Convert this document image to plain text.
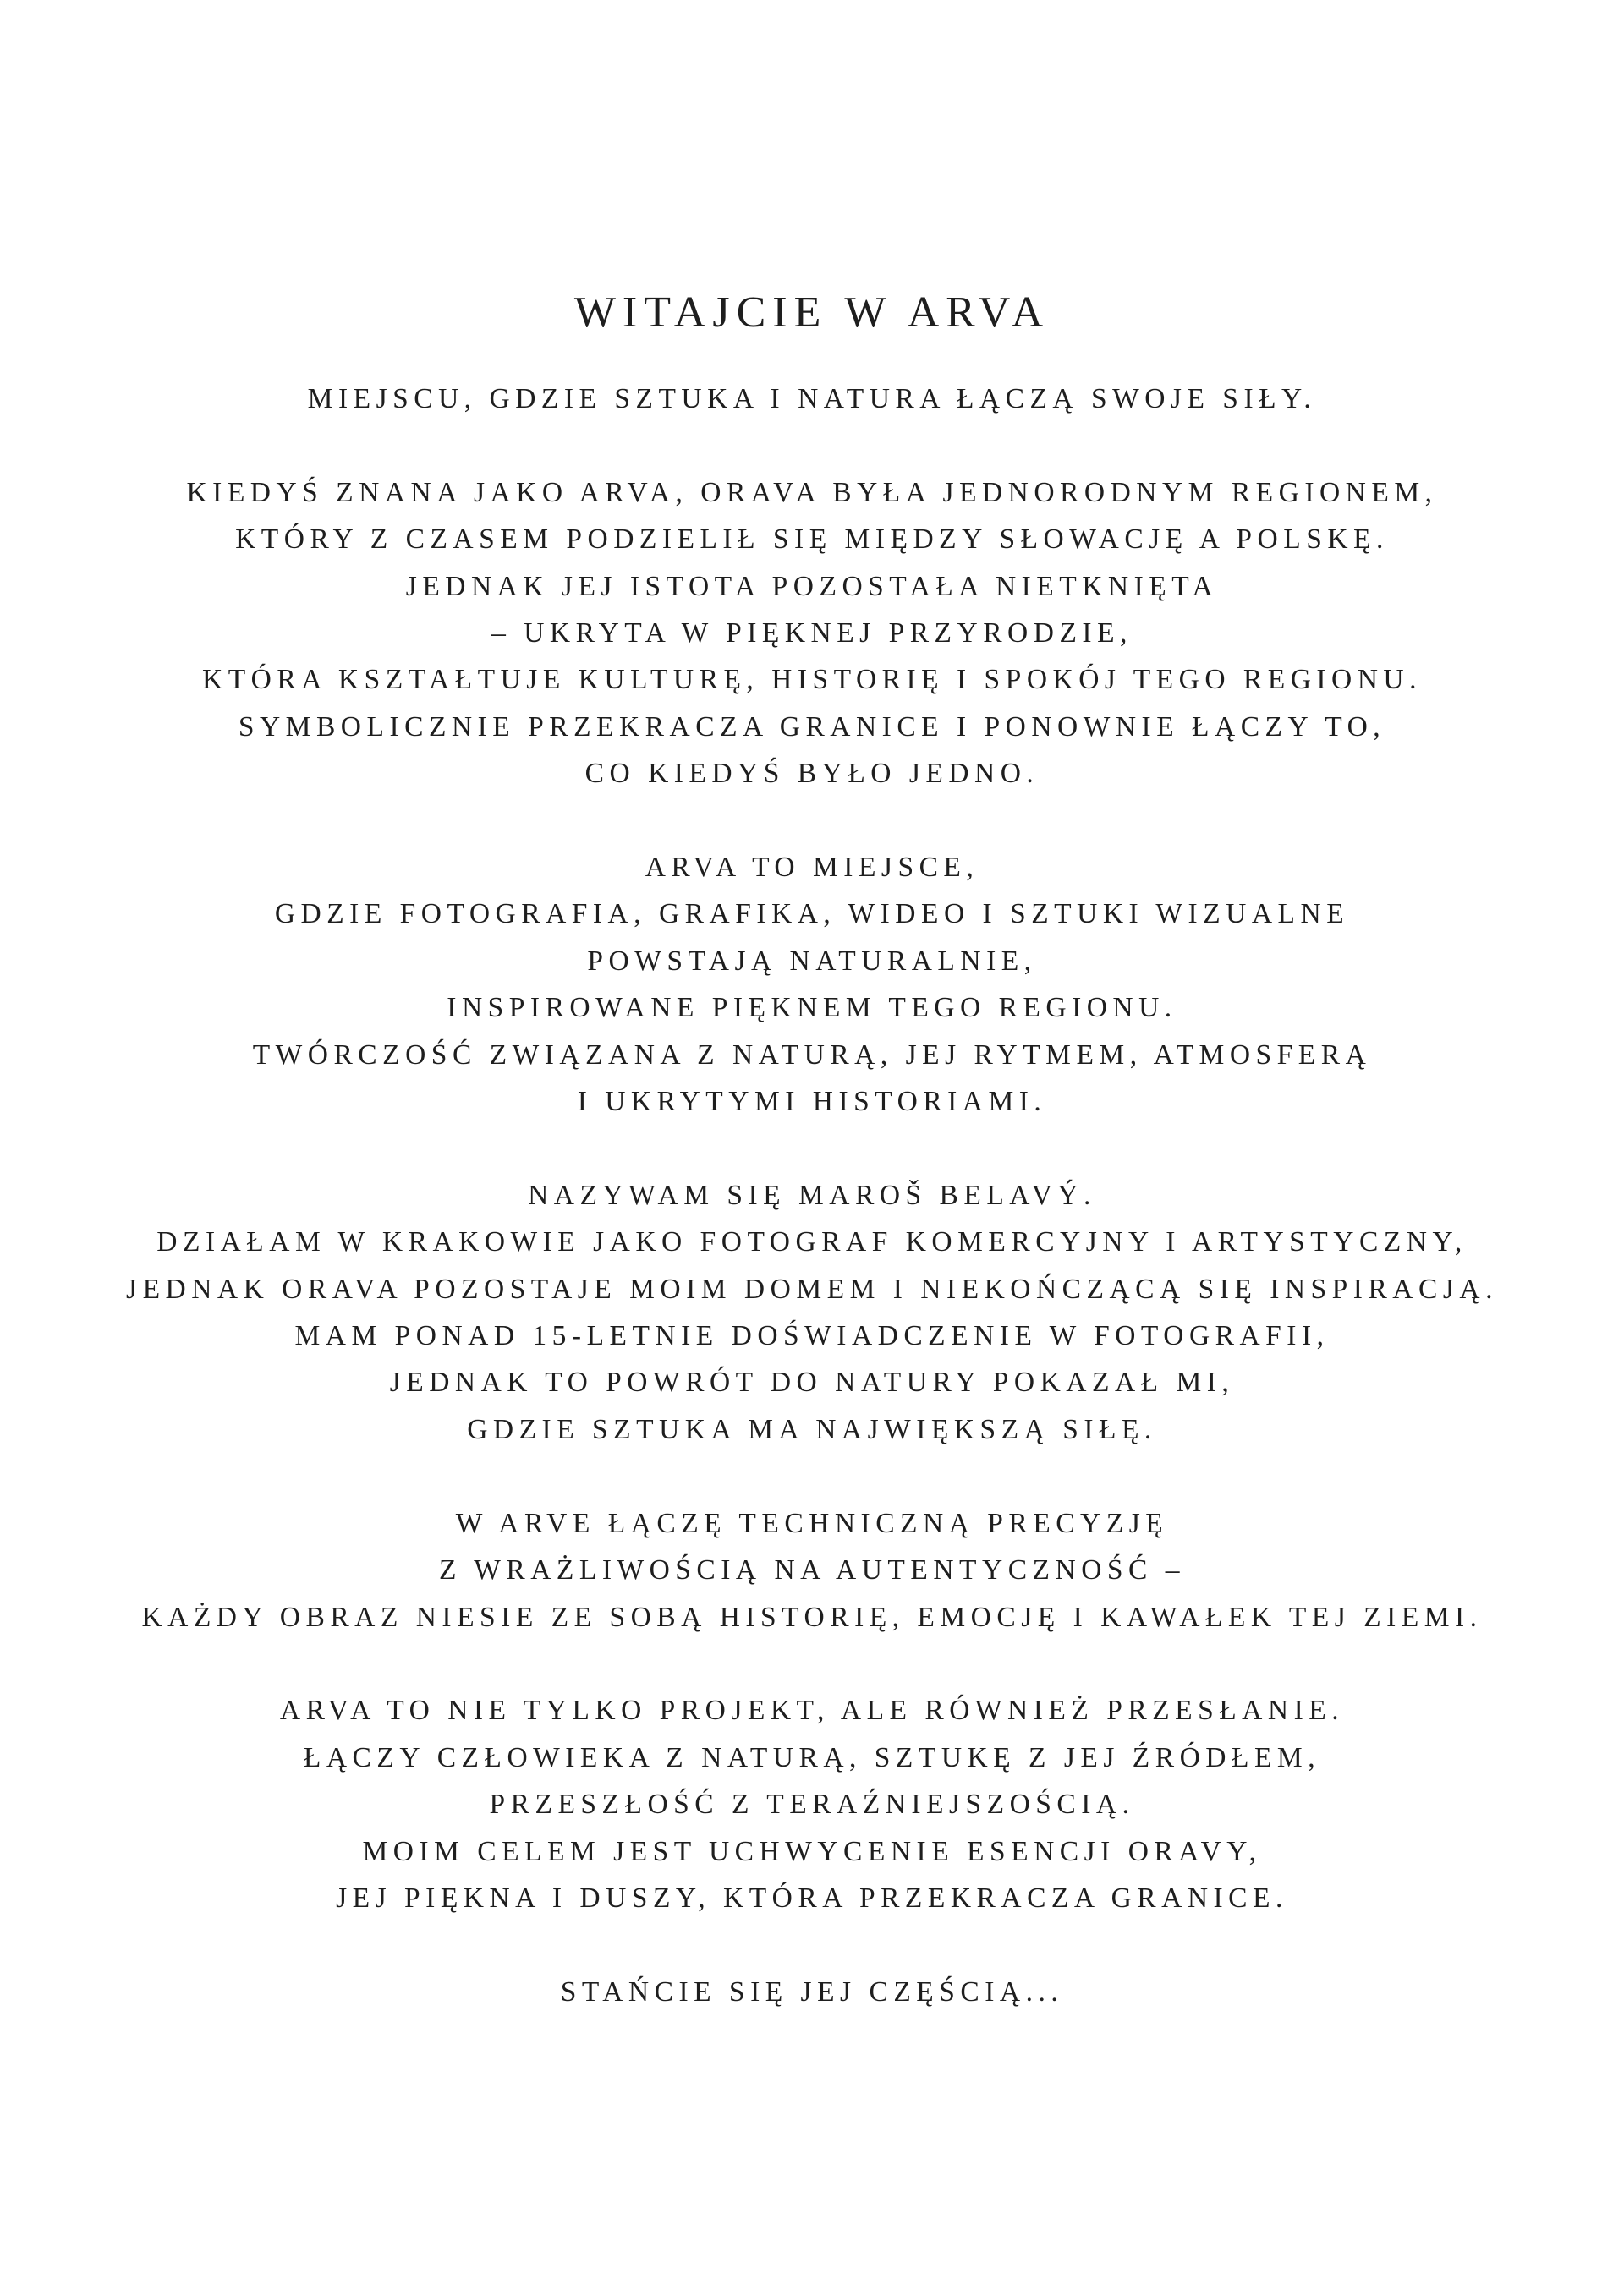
WITAJCIE W ARVA

MIEJSCU, GDZIE SZTUKA I NATURA ŁĄCZĄ SWOJE SIŁY.

KIEDYŚ ZNANA JAKO ARVA, ORAVA BYŁA JEDNORODNYM REGIONEM,
KTÓRY Z CZASEM PODZIELIŁ SIĘ MIĘDZY SŁOWACJĘ A POLSKĘ.
JEDNAK JEJ ISTOTA POZOSTAŁA NIETKNIĘTA
– UKRYTA W PIĘKNEJ PRZYRODZIE,
KTÓRA KSZTAŁTUJE KULTURĘ, HISTORIĘ I SPOKÓJ TEGO REGIONU.
SYMBOLICZNIE PRZEKRACZA GRANICE I PONOWNIE ŁĄCZY TO,
CO KIEDYŚ BYŁO JEDNO.

ARVA TO MIEJSCE,
GDZIE FOTOGRAFIA, GRAFIKA, WIDEO I SZTUKI WIZUALNE
POWSTAJĄ NATURALNIE,
INSPIROWANE PIĘKNEM TEGO REGIONU.
TWÓRCZOŚĆ ZWIĄZANA Z NATURĄ, JEJ RYTMEM, ATMOSFERĄ
I UKRYTYMI HISTORIAMI.

NAZYWAM SIĘ MAROŠ BELAVÝ.
DZIAŁAM W KRAKOWIE JAKO FOTOGRAF KOMERCYJNY I ARTYSTYCZNY,
JEDNAK ORAVA POZOSTAJE MOIM DOMEM I NIEKOŃCZĄCĄ SIĘ INSPIRACJĄ.
MAM PONAD 15-LETNIE DOŚWIADCZENIE W FOTOGRAFII,
JEDNAK TO POWRÓT DO NATURY POKAZAŁ MI,
GDZIE SZTUKA MA NAJWIĘKSZĄ SIŁĘ.

W ARVE ŁĄCZĘ TECHNICZNĄ PRECYZJĘ
Z WRAŻLIWOŚCIĄ NA AUTENTYCZNOŚĆ –
KAŻDY OBRAZ NIESIE ZE SOBĄ HISTORIĘ, EMOCJĘ I KAWAŁEK TEJ ZIEMI.

ARVA TO NIE TYLKO PROJEKT, ALE RÓWNIEŻ PRZESŁANIE.
ŁĄCZY CZŁOWIEKA Z NATURĄ, SZTUKĘ Z JEJ ŹRÓDŁEM,
PRZESZŁOŚĆ Z TERAŹNIEJSZOŚCIĄ.
MOIM CELEM JEST UCHWYCENIE ESENCJI ORAVY,
JEJ PIĘKNA I DUSZY, KTÓRA PRZEKRACZA GRANICE.

STAŃCIE SIĘ JEJ CZĘŚCIĄ...
